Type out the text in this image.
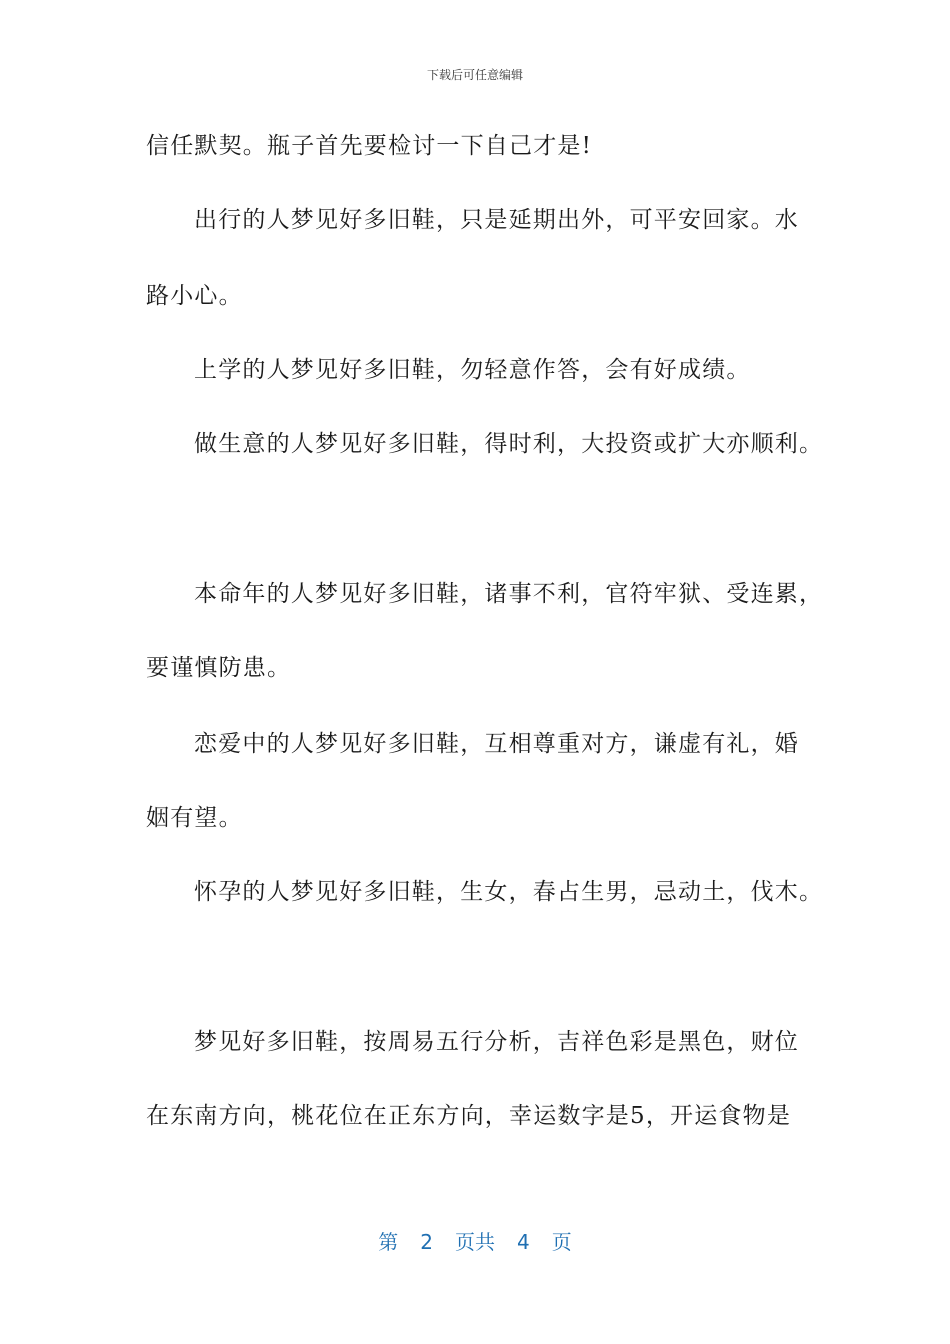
下载后可任意编辑
信任默契。瓶子首先要检讨一下自己才是!
出行的人梦见好多旧鞋，只是延期出外，可平安回家。水
路小心。
上学的人梦见好多旧鞋，勿轻意作答，会有好成绩。
做生意的人梦见好多旧鞋，得时利，大投资或扩大亦顺利。
本命年的人梦见好多旧鞋，诸事不利，官符牢狱、受连累，
要谨慎防患。
恋爱中的人梦见好多旧鞋，互相尊重对方，谦虚有礼，婚
姻有望。
怀孕的人梦见好多旧鞋，生女，春占生男，忌动土，伐木。
梦见好多旧鞋，按周易五行分析，吉祥色彩是黑色，财位
在东南方向，桃花位在正东方向，幸运数字是5，开运食物是
第 2 页共 4 页
